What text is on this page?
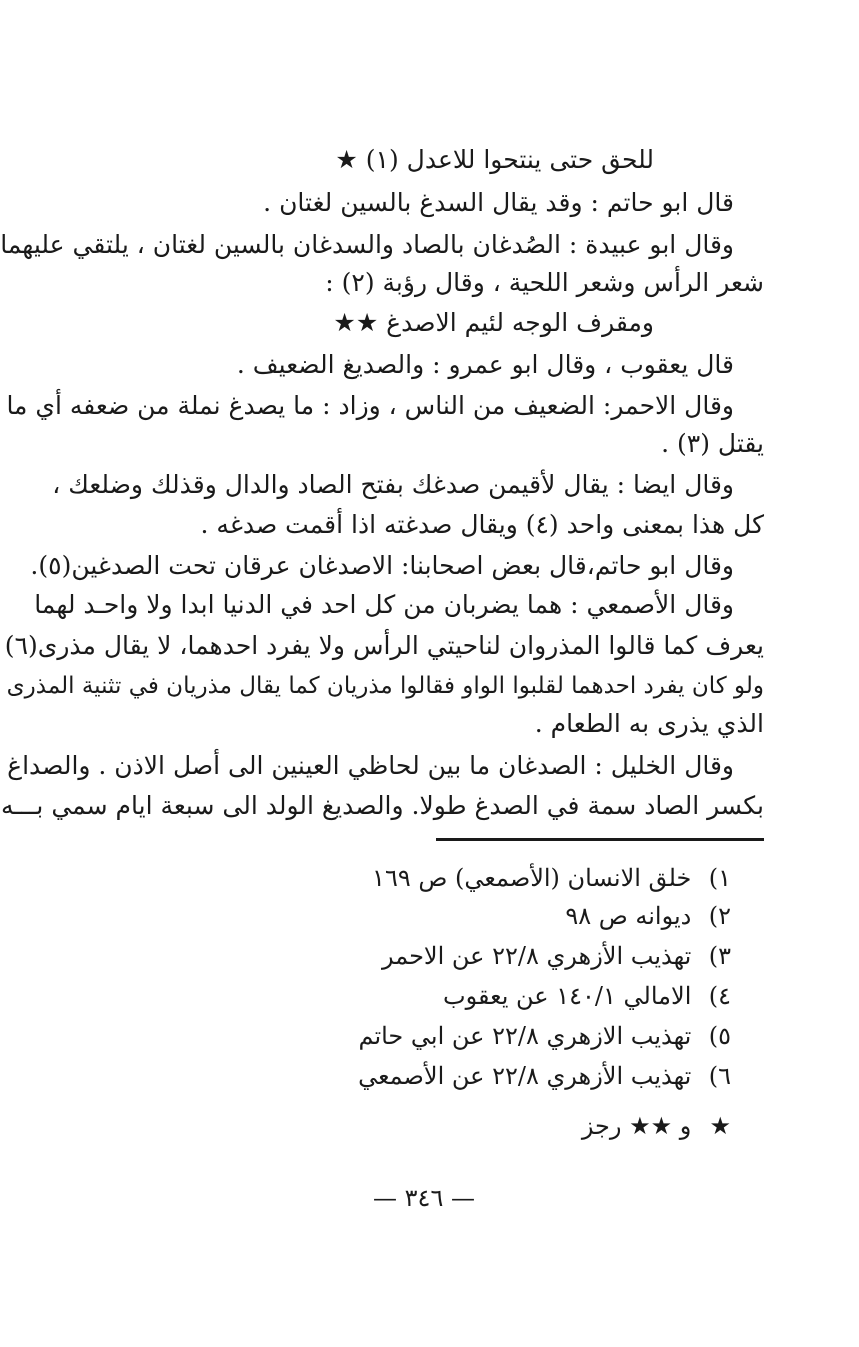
للحق حتى ينتحوا للاعدل (١) ★
قال ابو حاتم : وقد يقال السدغ بالسين لغتان .
وقال ابو عبيدة : الصُدغان بالصاد والسدغان بالسين لغتان ، يلتقي عليهما
شعر الرأس وشعر اللحية ، وقال رؤبة (٢) :
ومقرف الوجه لئيم الاصدغ ★★
قال يعقوب ، وقال ابو عمرو : والصديغ الضعيف .
وقال الاحمر: الضعيف من الناس ، وزاد : ما يصدغ نملة من ضعفه أي ما
يقتل (٣) .
وقال ايضا : يقال لأقيمن صدغك بفتح الصاد والدال وقذلك وضلعك ،
كل هذا بمعنى واحد (٤) ويقال صدغته اذا أقمت صدغه .
وقال ابو حاتم،قال بعض اصحابنا: الاصدغان عرقان تحت الصدغين(٥).
وقال الأصمعي : هما يضربان من كل احد في الدنيا ابدا ولا واحـد لهما
يعرف كما قالوا المذروان لناحيتي الرأس ولا يفرد احدهما، لا يقال مذرى(٦)
ولو كان يفرد احدهما لقلبوا الواو فقالوا مذريان كما يقال مذريان في تثنية المذرى
الذي يذرى به الطعام .
وقال الخليل : الصدغان ما بين لحاظي العينين الى أصل الاذن . والصداغ
بكسر الصاد سمة في الصدغ طولا. والصديغ الولد الى سبعة ايام سمي بـــه
١) خلق الانسان (الأصمعي) ص ١٦٩
٢) ديوانه ص ٩٨
٣) تهذيب الأزهري ٢٢/٨ عن الاحمر
٤) الامالي ١٤٠/١ عن يعقوب
٥) تهذيب الازهري ٢٢/٨ عن ابي حاتم
٦) تهذيب الأزهري ٢٢/٨ عن الأصمعي
★ و ★★ رجز
— ٣٤٦ —
